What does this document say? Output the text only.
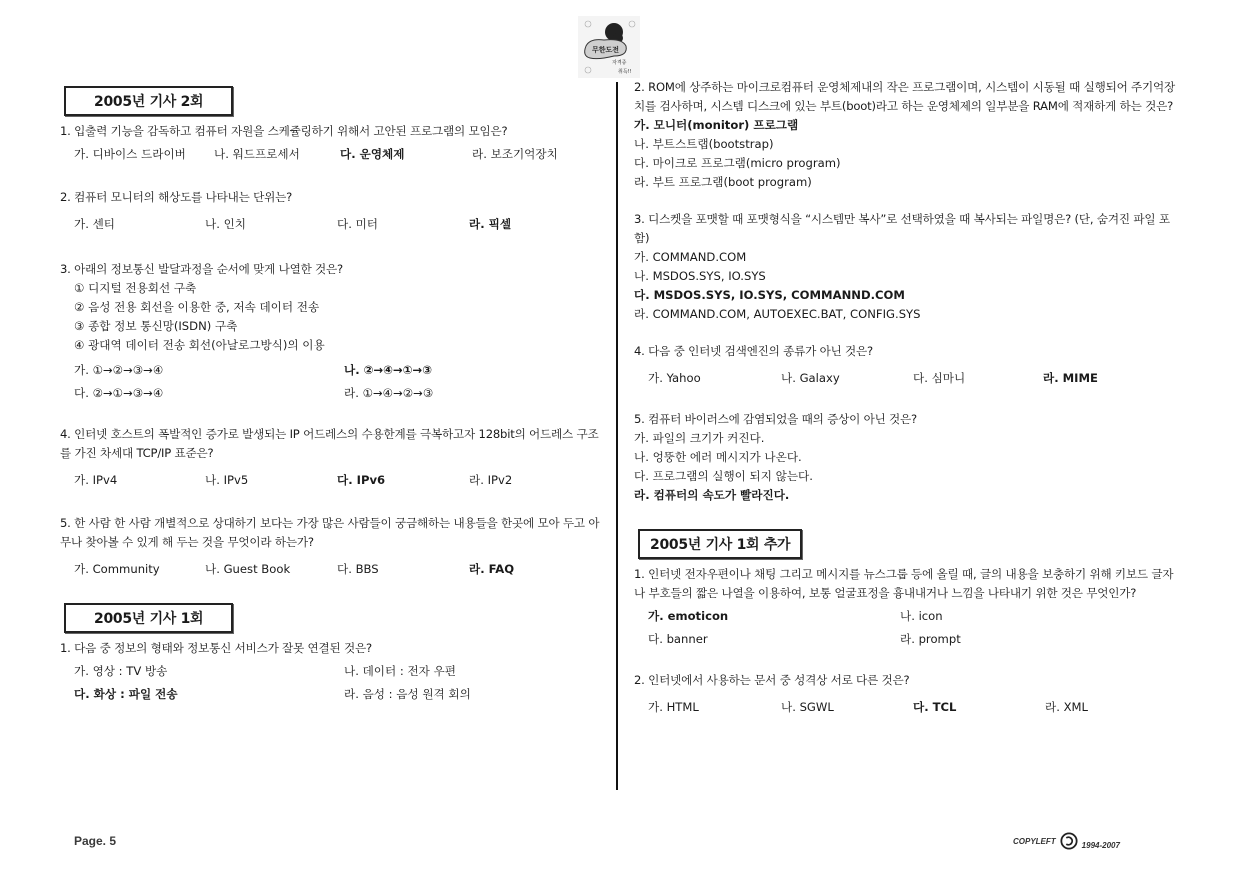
무한도전
자격증
취득!!
2005년 기사 2회
1. 입출력 기능을 감독하고 컴퓨터 자원을 스케쥴링하기 위해서 고안된 프로그램의 모임은?
가. 디바이스 드라이버	나. 워드프로세서	다. 운영체제	라. 보조기억장치
2. 컴퓨터 모니터의 해상도를 나타내는 단위는?
가. 센티	나. 인치	다. 미터	라. 픽셀
3. 아래의 정보통신 발달과정을 순서에 맞게 나열한 것은?
① 디지털 전용회선 구축
② 음성 전용 회선을 이용한 중, 저속 데이터 전송
③ 종합 정보 통신망(ISDN) 구축
④ 광대역 데이터 전송 회선(아날로그방식)의 이용
가. ①→②→③→④	나. ②→④→①→③
다. ②→①→③→④	라. ①→④→②→③
4. 인터넷 호스트의 폭발적인 증가로 발생되는 IP 어드레스의 수용한계를 극복하고자 128bit의 어드레스 구조를 가진 차세대 TCP/IP 표준은?
가. IPv4	나. IPv5	다. IPv6	라. IPv2
5. 한 사람 한 사람 개별적으로 상대하기 보다는 가장 많은 사람들이 궁금해하는 내용들을 한곳에 모아 두고 아무나 찾아볼 수 있게 해 두는 것을 무엇이라 하는가?
가. Community	나. Guest Book	다. BBS	라. FAQ
2005년 기사 1회
1. 다음 중 정보의 형태와 정보통신 서비스가 잘못 연결된 것은?
가. 영상 : TV 방송	나. 데이터 : 전자 우편
다. 화상 : 파일 전송	라. 음성 : 음성 원격 회의
2. ROM에 상주하는 마이크로컴퓨터 운영체제내의 작은 프로그램이며, 시스템이 시동될 때 실행되어 주기억장치를 검사하며, 시스템 디스크에 있는 부트(boot)라고 하는 운영체제의 일부분을 RAM에 적재하게 하는 것은?
가. 모니터(monitor) 프로그램
나. 부트스트랩(bootstrap)
다. 마이크로 프로그램(micro program)
라. 부트 프로그램(boot program)
3. 디스켓을 포맷할 때 포맷형식을 “시스템만 복사”로 선택하였을 때 복사되는 파일명은? (단, 숨겨진 파일 포함)
가. COMMAND.COM
나. MSDOS.SYS, IO.SYS
다. MSDOS.SYS, IO.SYS, COMMANND.COM
라. COMMAND.COM, AUTOEXEC.BAT, CONFIG.SYS
4. 다음 중 인터넷 검색엔진의 종류가 아닌 것은?
가. Yahoo	나. Galaxy	다. 심마니	라. MIME
5. 컴퓨터 바이러스에 감염되었을 때의 증상이 아닌 것은?
가. 파일의 크기가 커진다.
나. 엉뚱한 에러 메시지가 나온다.
다. 프로그램의 실행이 되지 않는다.
라. 컴퓨터의 속도가 빨라진다.
2005년 기사 1회 추가
1. 인터넷 전자우편이나 채팅 그리고 메시지를 뉴스그룹 등에 올릴 때, 글의 내용을 보충하기 위해 키보드 글자나 부호들의 짧은 나열을 이용하여, 보통 얼굴표정을 흉내내거나 느낌을 나타내기 위한 것은 무엇인가?
가. emoticon	나. icon
다. banner	라. prompt
2. 인터넷에서 사용하는 문서 중 성격상 서로 다른 것은?
가. HTML	나. SGWL	다. TCL	라. XML
Page. 5	COPYLEFT	1994-2007
